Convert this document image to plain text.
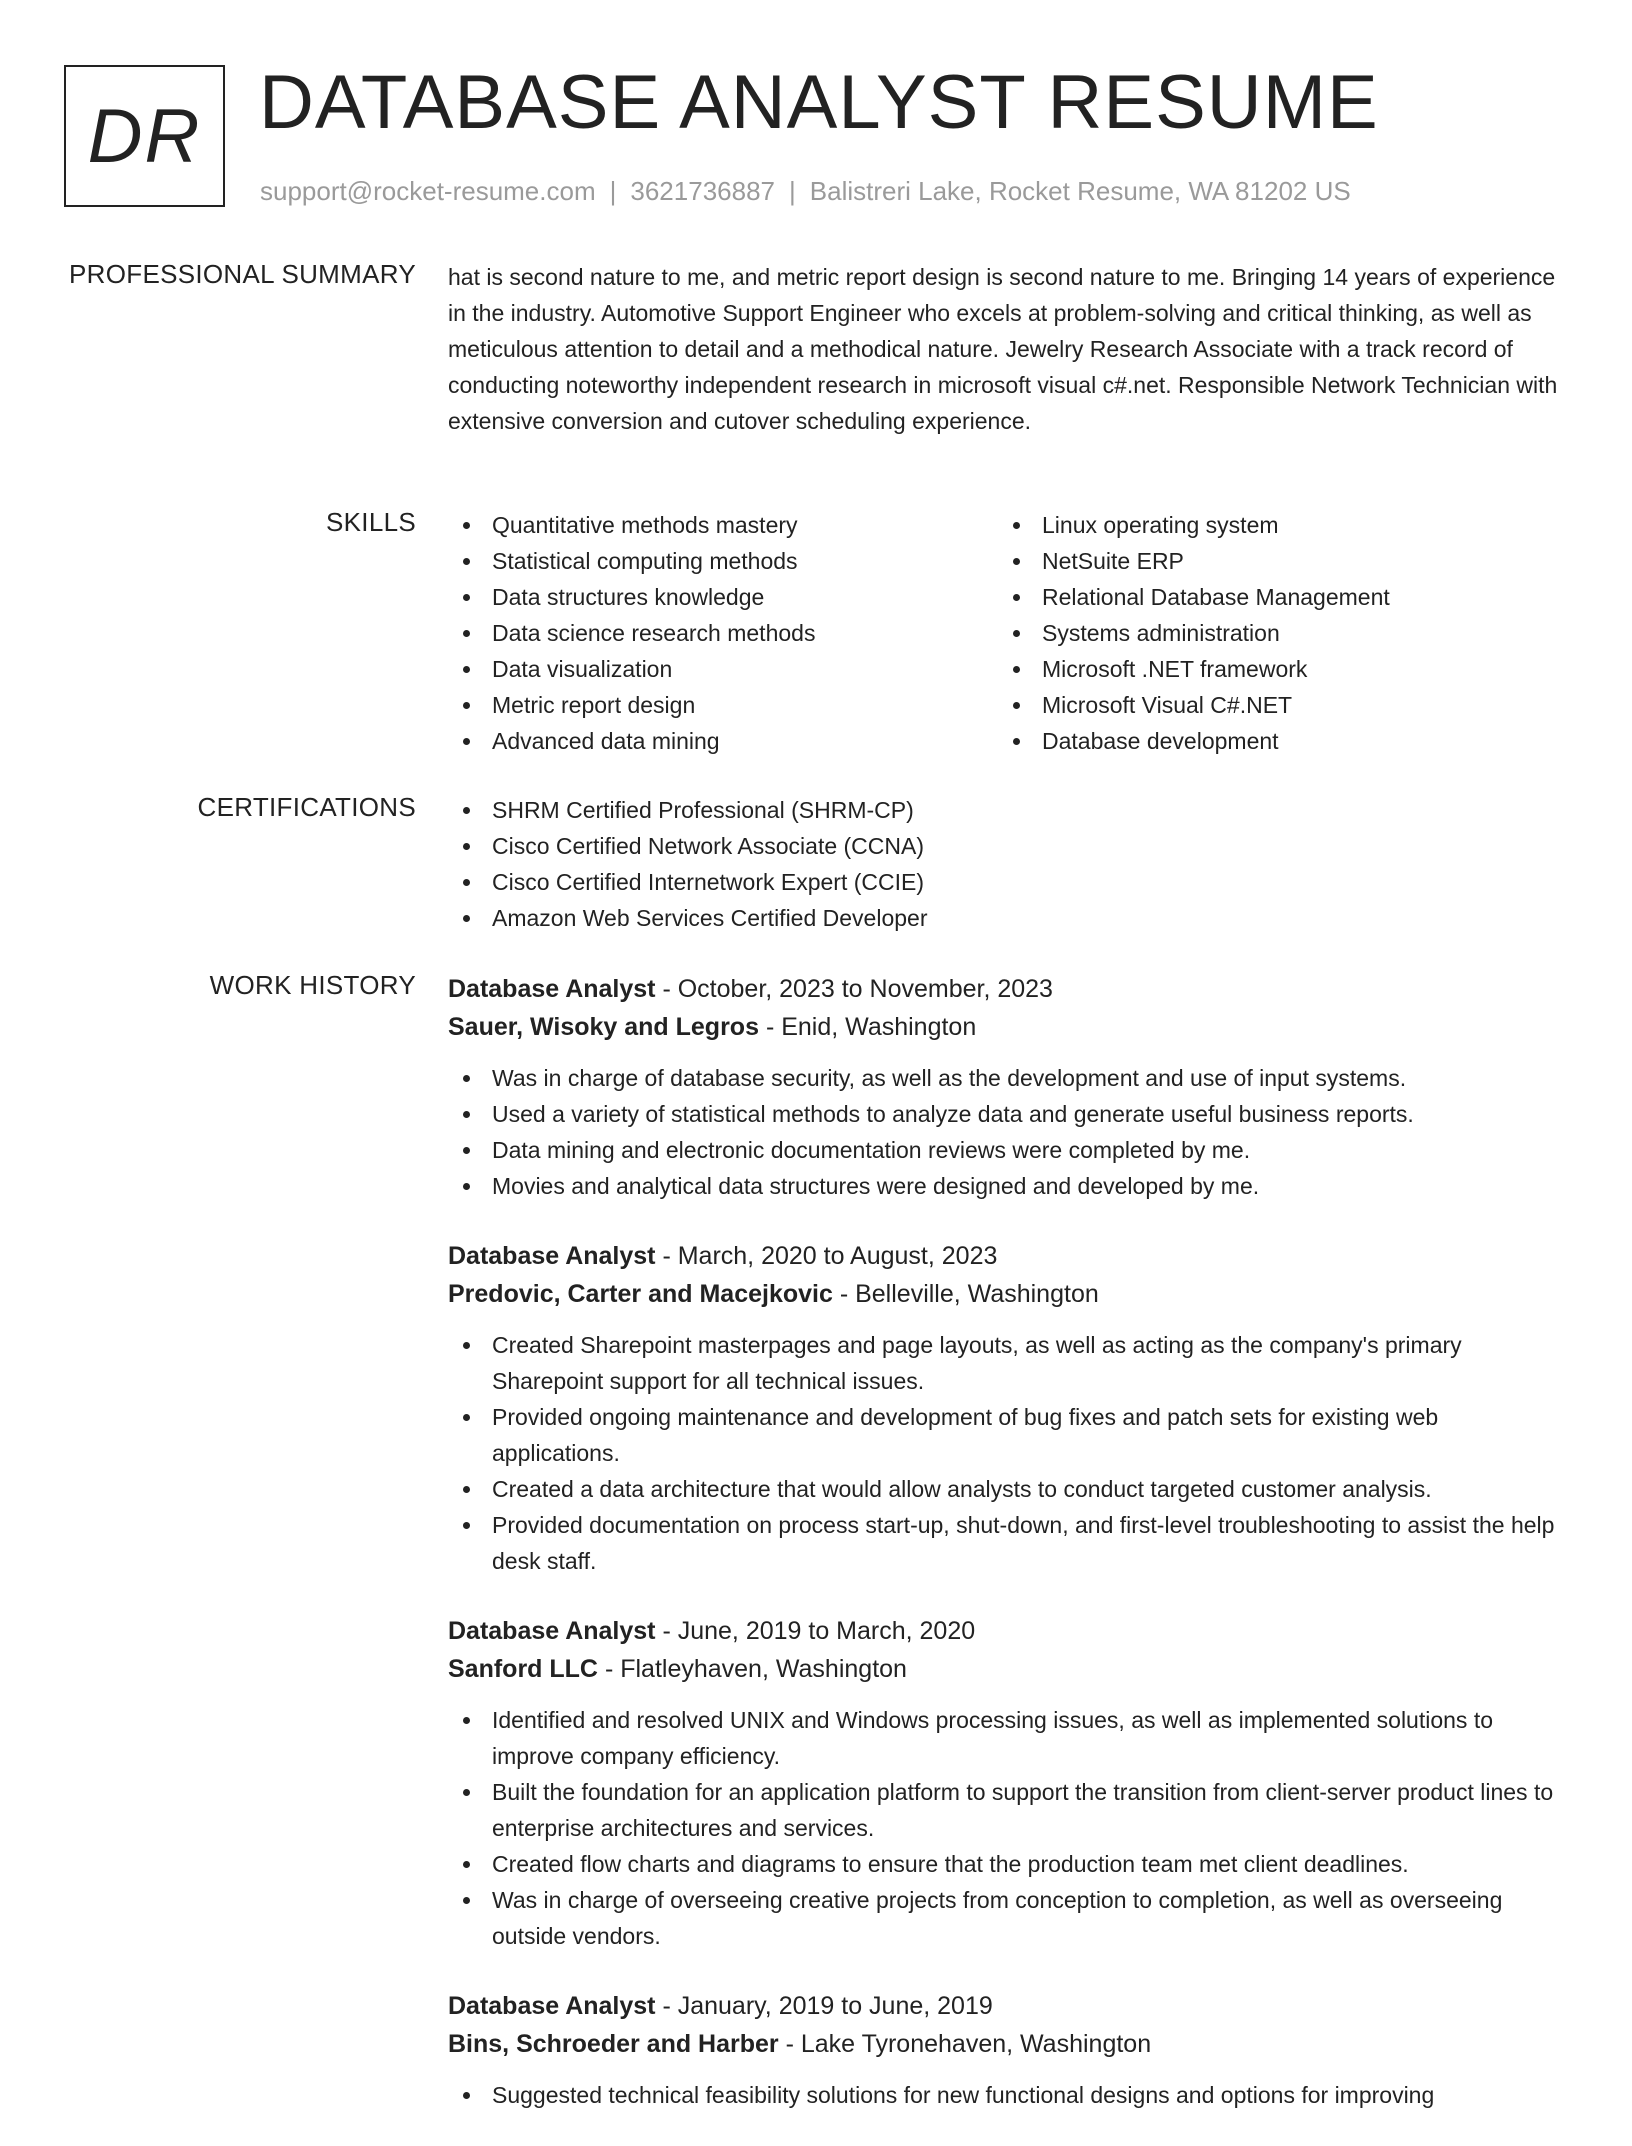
DR DATABASE ANALYST RESUME
support@rocket-resume.com | 3621736887 | Balistreri Lake, Rocket Resume, WA 81202 US
PROFESSIONAL SUMMARY hat is second nature to me, and metric report design is second nature to me. Bringing 14 years of experience in the industry. Automotive Support Engineer who excels at problem-solving and critical thinking, as well as meticulous attention to detail and a methodical nature. Jewelry Research Associate with a track record of conducting noteworthy independent research in microsoft visual c#.net. Responsible Network Technician with extensive conversion and cutover scheduling experience.

SKILLS	Quantitative methods mastery
Statistical computing methods
Data structures knowledge
Data science research methods
Data visualization
Metric report design
Advanced data mining
Linux operating system
NetSuite ERP
Relational Database Management
Systems administration
Microsoft .NET framework
Microsoft Visual C#.NET
Database development
CERTIFICATIONS	SHRM Certified Professional (SHRM-CP)
Cisco Certified Network Associate (CCNA)
Cisco Certified Internetwork Expert (CCIE)
Amazon Web Services Certified Developer
WORK HISTORY Database Analyst - October, 2023 to November, 2023
Sauer, Wisoky and Legros - Enid, Washington
Was in charge of database security, as well as the development and use of input systems.
Used a variety of statistical methods to analyze data and generate useful business reports.
Data mining and electronic documentation reviews were completed by me.
Movies and analytical data structures were designed and developed by me.
Database Analyst - March, 2020 to August, 2023
Predovic, Carter and Macejkovic - Belleville, Washington
Created Sharepoint masterpages and page layouts, as well as acting as the company's primary Sharepoint support for all technical issues.
Provided ongoing maintenance and development of bug fixes and patch sets for existing web applications.
Created a data architecture that would allow analysts to conduct targeted customer analysis.
Provided documentation on process start-up, shut-down, and first-level troubleshooting to assist the help desk staff.
Database Analyst - June, 2019 to March, 2020
Sanford LLC - Flatleyhaven, Washington
Identified and resolved UNIX and Windows processing issues, as well as implemented solutions to improve company efficiency.
Built the foundation for an application platform to support the transition from client-server product lines to enterprise architectures and services.
Created flow charts and diagrams to ensure that the production team met client deadlines.
Was in charge of overseeing creative projects from conception to completion, as well as overseeing outside vendors.
Database Analyst - January, 2019 to June, 2019
Bins, Schroeder and Harber - Lake Tyronehaven, Washington
Suggested technical feasibility solutions for new functional designs and options for improving
